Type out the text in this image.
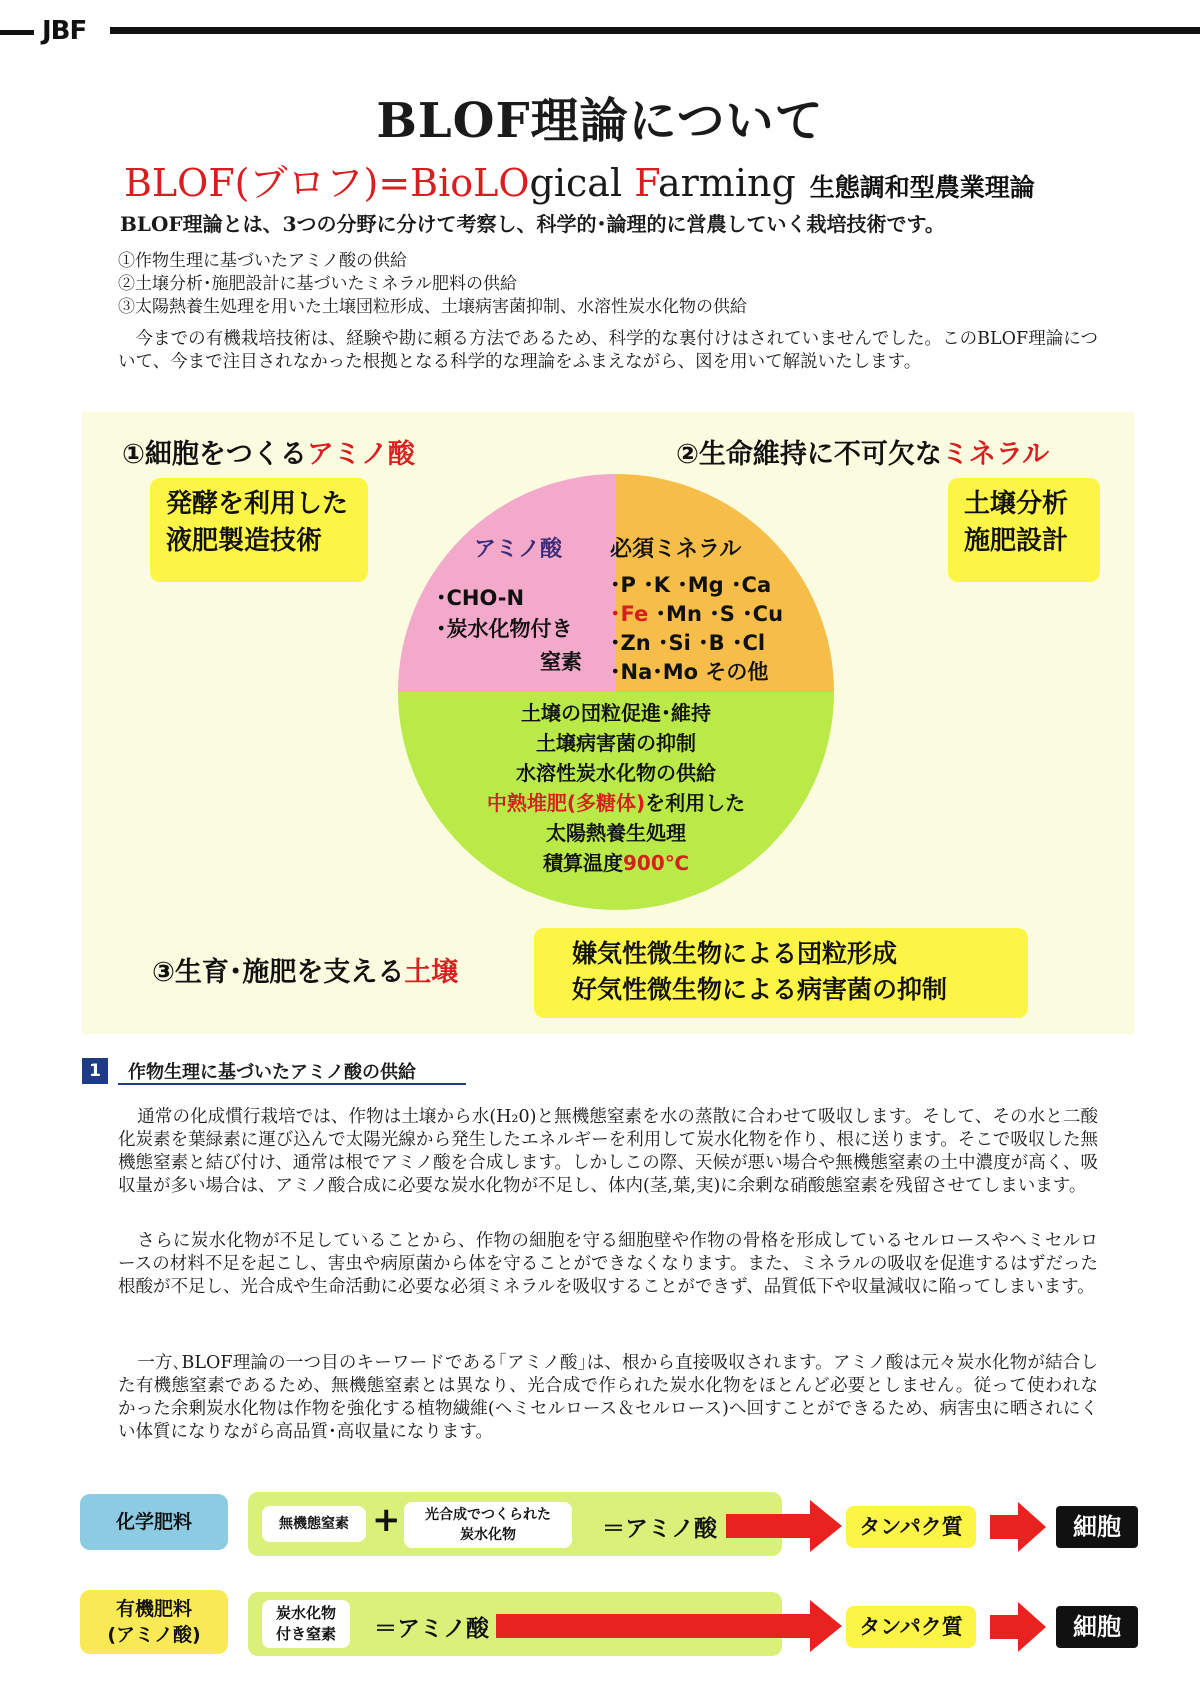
JBF
BLOF理論について
BLOF(ブロフ)=BioLOgical Farming 生態調和型農業理論
BLOF理論とは、3つの分野に分けて考察し、科学的･論理的に営農していく栽培技術です。
①作物生理に基づいたアミノ酸の供給
②土壌分析･施肥設計に基づいたミネラル肥料の供給
③太陽熱養生処理を用いた土壌団粒形成、土壌病害菌抑制、水溶性炭水化物の供給
今までの有機栽培技術は、経験や勘に頼る方法であるため、科学的な裏付けはされていませんでした。このBLOF理論について、今まで注目されなかった根拠となる科学的な理論をふまえながら、図を用いて解説いたします。
①細胞をつくるアミノ酸	②生命維持に不可欠なミネラル
発酵を利用した
液肥製造技術
土壌分析
施肥設計
アミノ酸
･CHO-N
･炭水化物付き
窒素
必須ミネラル
･P ･K ･Mg ･Ca
･Fe ･Mn ･S ･Cu
･Zn ･Si ･B ･Cl
･Na･Mo その他
土壌の団粒促進･維持
土壌病害菌の抑制
水溶性炭水化物の供給
中熟堆肥(多糖体)を利用した
太陽熱養生処理
積算温度900℃
③生育･施肥を支える土壌
嫌気性微生物による団粒形成
好気性微生物による病害菌の抑制
1	作物生理に基づいたアミノ酸の供給
通常の化成慣行栽培では、作物は土壌から水(H₂0)と無機態窒素を水の蒸散に合わせて吸収します。そして、その水と二酸化炭素を葉緑素に運び込んで太陽光線から発生したエネルギーを利用して炭水化物を作り、根に送ります。そこで吸収した無機態窒素と結び付け、通常は根でアミノ酸を合成します。しかしこの際、天候が悪い場合や無機態窒素の土中濃度が高く、吸収量が多い場合は、アミノ酸合成に必要な炭水化物が不足し、体内(茎,葉,実)に余剰な硝酸態窒素を残留させてしまいます。
さらに炭水化物が不足していることから、作物の細胞を守る細胞壁や作物の骨格を形成しているセルロースやヘミセルロースの材料不足を起こし、害虫や病原菌から体を守ることができなくなります。また、ミネラルの吸収を促進するはずだった根酸が不足し、光合成や生命活動に必要な必須ミネラルを吸収することができず、品質低下や収量減収に陥ってしまいます。
一方､BLOF理論の一つ目のキーワードである｢アミノ酸｣は、根から直接吸収されます。アミノ酸は元々炭水化物が結合した有機態窒素であるため、無機態窒素とは異なり、光合成で作られた炭水化物をほとんど必要としません。従って使われなかった余剰炭水化物は作物を強化する植物繊維(ヘミセルロース＆セルロース)へ回すことができるため、病害虫に晒されにくい体質になりながら高品質･高収量になります。
化学肥料	無機態窒素 +	光合成でつくられた
炭水化物	＝アミノ酸	タンパク質	細胞
有機肥料
(アミノ酸)
炭水化物
付き窒素	＝アミノ酸	タンパク質	細胞
